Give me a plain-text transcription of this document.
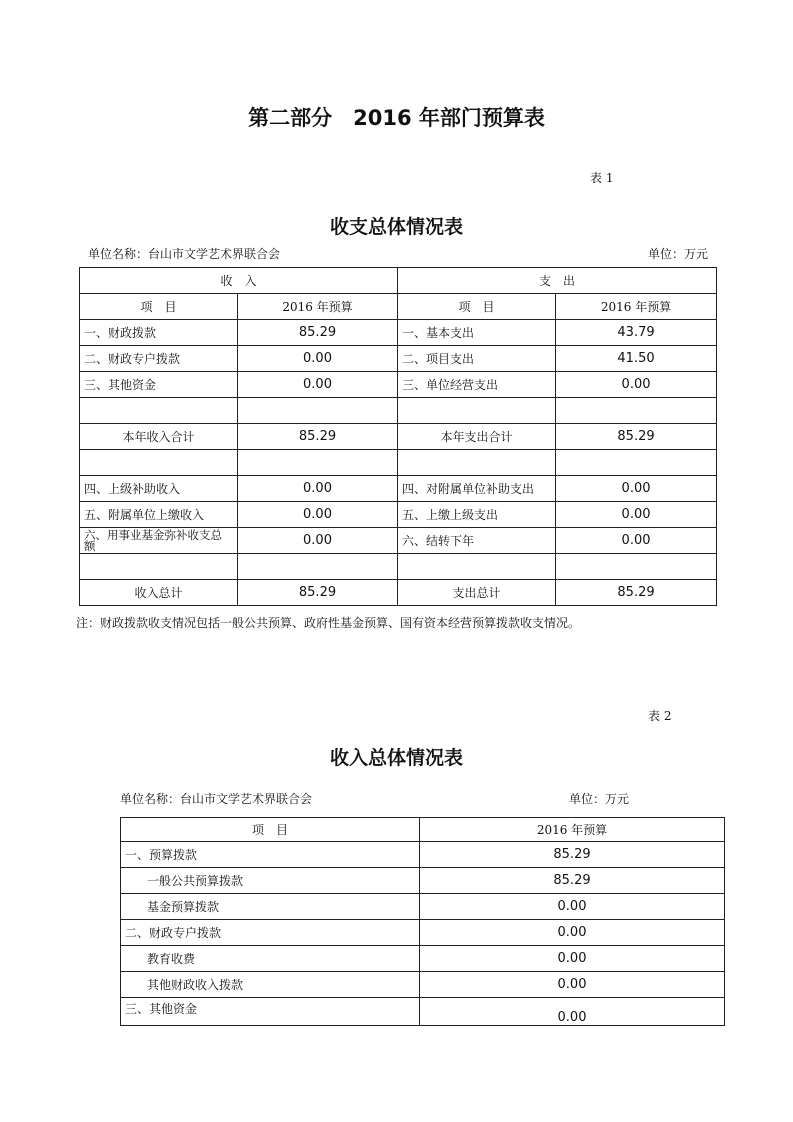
第二部分　2016 年部门预算表
表 1
收支总体情况表
单位名称：台山市文学艺术界联合会	单位：万元
收　入		支　出	
项　目	2016 年预算	项　目	2016 年预算
一、财政拨款	85.29	一、基本支出	43.79
二、财政专户拨款	0.00	二、项目支出	41.50
三、其他资金	0.00	三、单位经营支出	0.00

本年收入合计	85.29	本年支出合计	85.29

四、上级补助收入	0.00	四、对附属单位补助支出	0.00
五、附属单位上缴收入	0.00	五、上缴上级支出	0.00
六、用事业基金弥补收支总额	0.00	六、结转下年	0.00

收入总计	85.29	支出总计	85.29
注：财政拨款收支情况包括一般公共预算、政府性基金预算、国有资本经营预算拨款收支情况。
表 2
收入总体情况表
单位名称：台山市文学艺术界联合会	单位：万元
项　目	2016 年预算
一、预算拨款	85.29
一般公共预算拨款	85.29
基金预算拨款	0.00
二、财政专户拨款	0.00
教育收费	0.00
其他财政收入拨款	0.00
三、其他资金	0.00
